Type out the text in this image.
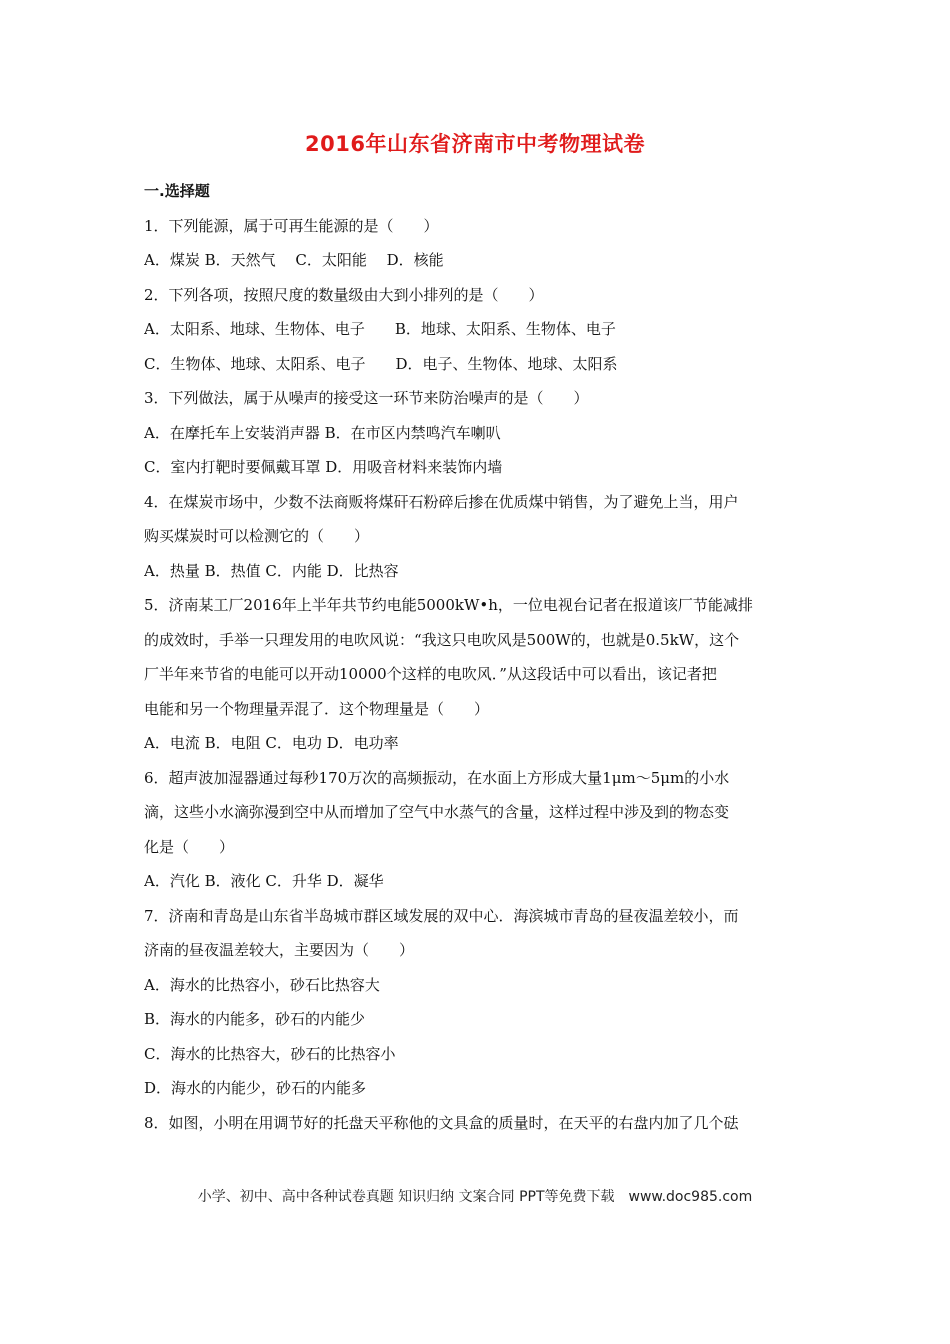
2016年山东省济南市中考物理试卷
一.选择题
1．下列能源，属于可再生能源的是（　　）
A．煤炭 B．天然气　 C．太阳能　 D．核能
2．下列各项，按照尺度的数量级由大到小排列的是（　　）
A．太阳系、地球、生物体、电子　　B．地球、太阳系、生物体、电子
C．生物体、地球、太阳系、电子　　D．电子、生物体、地球、太阳系
3．下列做法，属于从噪声的接受这一环节来防治噪声的是（　　）
A．在摩托车上安装消声器 B．在市区内禁鸣汽车喇叭
C．室内打靶时要佩戴耳罩 D．用吸音材料来装饰内墙
4．在煤炭市场中，少数不法商贩将煤矸石粉碎后掺在优质煤中销售，为了避免上当，用户
购买煤炭时可以检测它的（　　）
A．热量 B．热值 C．内能 D．比热容
5．济南某工厂2016年上半年共节约电能5000kW•h，一位电视台记者在报道该厂节能减排
的成效时，手举一只理发用的电吹风说：“我这只电吹风是500W的，也就是0.5kW，这个
厂半年来节省的电能可以开动10000个这样的电吹风．”从这段话中可以看出，该记者把
电能和另一个物理量弄混了．这个物理量是（　　）
A．电流 B．电阻 C．电功 D．电功率
6．超声波加湿器通过每秒170万次的高频振动，在水面上方形成大量1μm～5μm的小水
滴，这些小水滴弥漫到空中从而增加了空气中水蒸气的含量，这样过程中涉及到的物态变
化是（　　）
A．汽化 B．液化 C．升华 D．凝华
7．济南和青岛是山东省半岛城市群区域发展的双中心．海滨城市青岛的昼夜温差较小，而
济南的昼夜温差较大，主要因为（　　）
A．海水的比热容小，砂石比热容大
B．海水的内能多，砂石的内能少
C．海水的比热容大，砂石的比热容小
D．海水的内能少，砂石的内能多
8．如图，小明在用调节好的托盘天平称他的文具盒的质量时，在天平的右盘内加了几个砝
小学、初中、高中各种试卷真题 知识归纳 文案合同 PPT等免费下载　www.doc985.com
